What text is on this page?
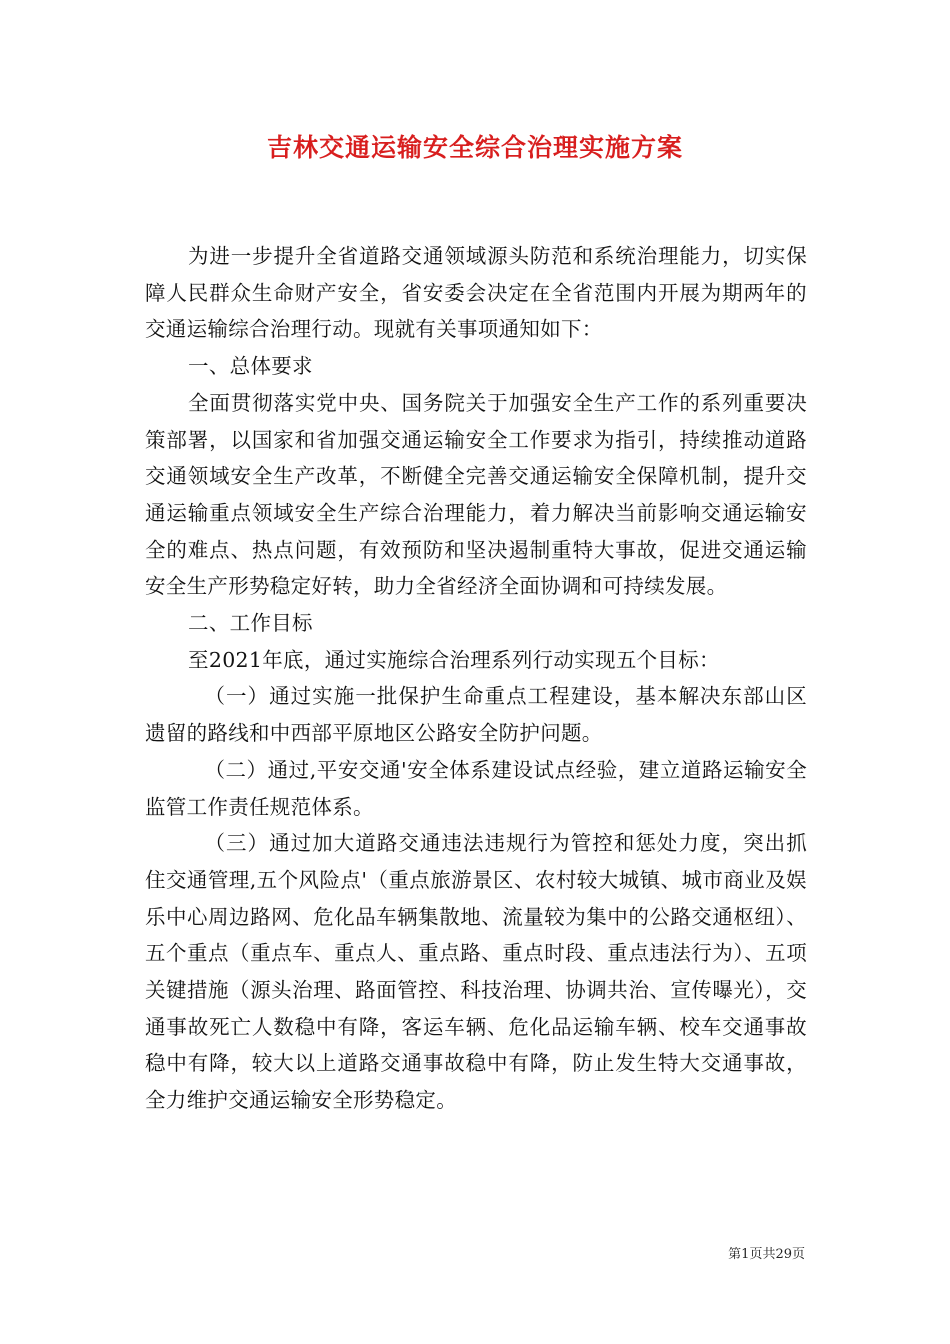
吉林交通运输安全综合治理实施方案

为进一步提升全省道路交通领域源头防范和系统治理能力，切实保障人民群众生命财产安全，省安委会决定在全省范围内开展为期两年的交通运输综合治理行动。现就有关事项通知如下：

一、总体要求

全面贯彻落实党中央、国务院关于加强安全生产工作的系列重要决策部署，以国家和省加强交通运输安全工作要求为指引，持续推动道路交通领域安全生产改革，不断健全完善交通运输安全保障机制，提升交通运输重点领域安全生产综合治理能力，着力解决当前影响交通运输安全的难点、热点问题，有效预防和坚决遏制重特大事故，促进交通运输安全生产形势稳定好转，助力全省经济全面协调和可持续发展。

二、工作目标

至2021年底，通过实施综合治理系列行动实现五个目标：

（一）通过实施一批保护生命重点工程建设，基本解决东部山区遗留的路线和中西部平原地区公路安全防护问题。

（二）通过,平安交通'安全体系建设试点经验，建立道路运输安全监管工作责任规范体系。

（三）通过加大道路交通违法违规行为管控和惩处力度，突出抓住交通管理,五个风险点'（重点旅游景区、农村较大城镇、城市商业及娱乐中心周边路网、危化品车辆集散地、流量较为集中的公路交通枢纽）、五个重点（重点车、重点人、重点路、重点时段、重点违法行为）、五项关键措施（源头治理、路面管控、科技治理、协调共治、宣传曝光），交通事故死亡人数稳中有降，客运车辆、危化品运输车辆、校车交通事故稳中有降，较大以上道路交通事故稳中有降，防止发生特大交通事故，全力维护交通运输安全形势稳定。

第1页共29页
